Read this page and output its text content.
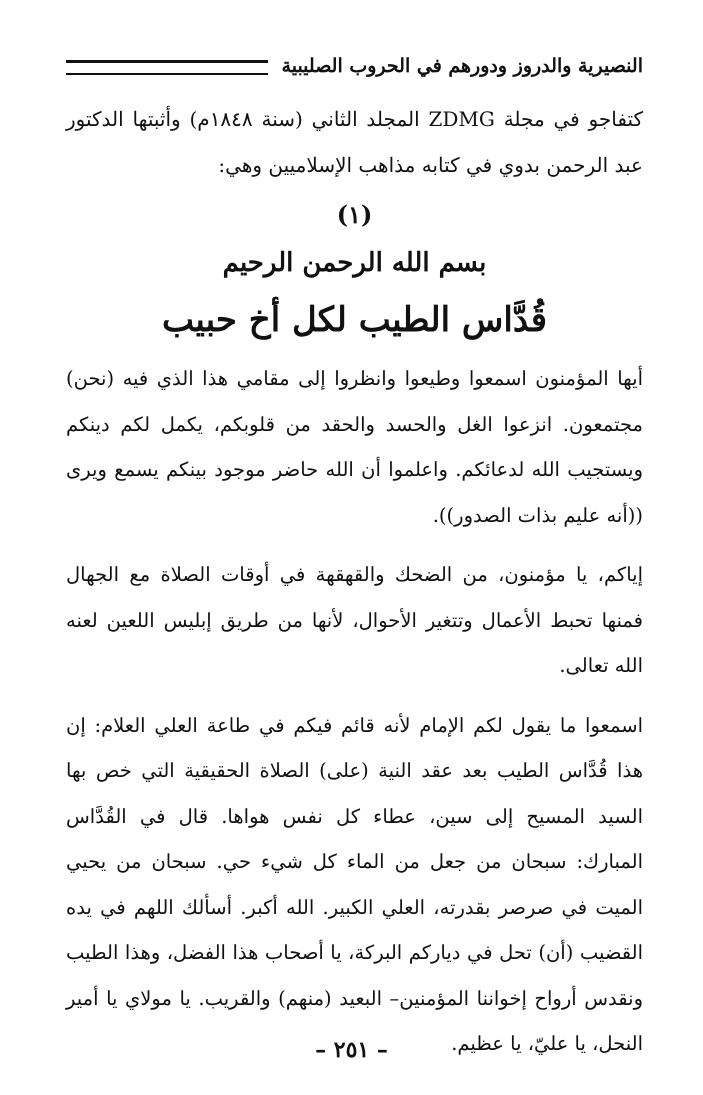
النصيرية والدروز ودورهم في الحروب الصليبية

كتفاجو في مجلة ZDMG المجلد الثاني (سنة ١٨٤٨م) وأثبتها الدكتور عبد الرحمن بدوي في كتابه مذاهب الإسلاميين وهي:

(١)
بسم الله الرحمن الرحيم
قُدَّاس الطيب لكل أخ حبيب

أيها المؤمنون اسمعوا وطيعوا وانظروا إلى مقامي هذا الذي فيه (نحن) مجتمعون. انزعوا الغل والحسد والحقد من قلوبكم، يكمل لكم دينكم ويستجيب الله لدعائكم. واعلموا أن الله حاضر موجود بينكم يسمع ويرى ((أنه عليم بذات الصدور)).

إياكم، يا مؤمنون، من الضحك والقهقهة في أوقات الصلاة مع الجهال فمنها تحبط الأعمال وتتغير الأحوال، لأنها من طريق إبليس اللعين لعنه الله تعالى.

اسمعوا ما يقول لكم الإمام لأنه قائم فيكم في طاعة العلي العلام: إن هذا قُدَّاس الطيب بعد عقد النية (على) الصلاة الحقيقية التي خص بها السيد المسيح إلى سين، عطاء كل نفس هواها. قال في القُدَّاس المبارك: سبحان من جعل من الماء كل شيء حي. سبحان من يحيي الميت في صرصر بقدرته، العلي الكبير. الله أكبر. أسألك اللهم في يده القضيب (أن) تحل في دياركم البركة، يا أصحاب هذا الفضل، وهذا الطيب ونقدس أرواح إخواننا المؤمنين– البعيد (منهم) والقريب. يا مولاي يا أمير النحل، يا عليّ، يا عظيم.

– ٢٥١ –
